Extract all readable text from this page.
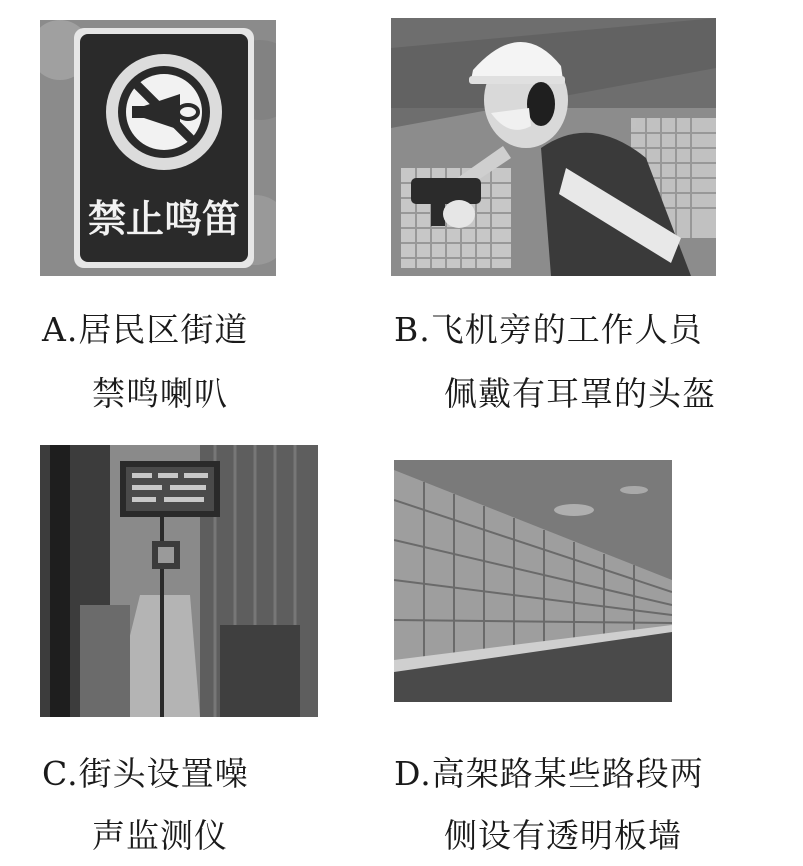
禁止鸣笛
A.居民区街道
禁鸣喇叭
B.飞机旁的工作人员
佩戴有耳罩的头盔
C.街头设置噪
声监测仪
D.高架路某些路段两
侧设有透明板墙
